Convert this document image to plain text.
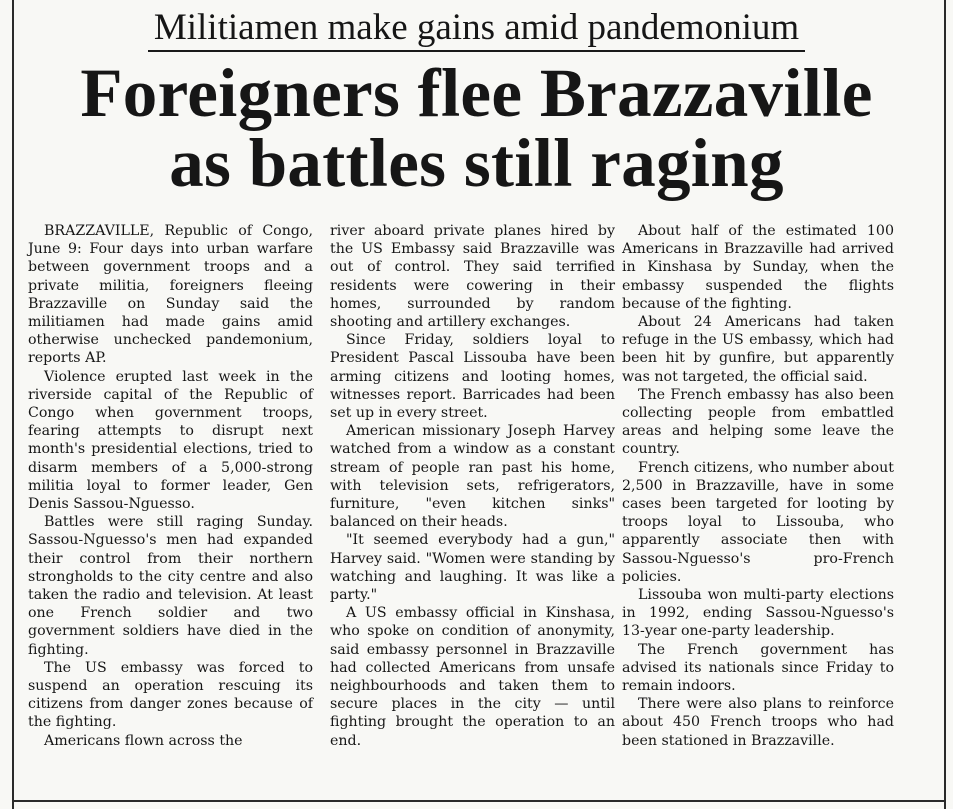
Militiamen make gains amid pandemonium
Foreigners flee Brazzaville
as battles still raging

BRAZZAVILLE, Republic of Congo, June 9: Four days into urban warfare between government troops and a private militia, foreigners fleeing Brazzaville on Sunday said the militiamen had made gains amid otherwise unchecked pandemonium, reports AP.

Violence erupted last week in the riverside capital of the Republic of Congo when government troops, fearing attempts to disrupt next month's presidential elections, tried to disarm members of a 5,000-strong militia loyal to former leader, Gen Denis Sassou-Nguesso.

Battles were still raging Sunday. Sassou-Nguesso's men had expanded their control from their northern strongholds to the city centre and also taken the radio and television. At least one French soldier and two government soldiers have died in the fighting.

The US embassy was forced to suspend an operation rescuing its citizens from danger zones because of the fighting.

Americans flown across the

river aboard private planes hired by the US Embassy said Brazzaville was out of control. They said terrified residents were cowering in their homes, surrounded by random shooting and artillery exchanges.

Since Friday, soldiers loyal to President Pascal Lissouba have been arming citizens and looting homes, witnesses report. Barricades had been set up in every street.

American missionary Joseph Harvey watched from a window as a constant stream of people ran past his home, with television sets, refrigerators, furniture, "even kitchen sinks" balanced on their heads.

"It seemed everybody had a gun," Harvey said. "Women were standing by watching and laughing. It was like a party."

A US embassy official in Kinshasa, who spoke on condition of anonymity, said embassy personnel in Brazzaville had collected Americans from unsafe neighbourhoods and taken them to secure places in the city — until fighting brought the operation to an end.

About half of the estimated 100 Americans in Brazzaville had arrived in Kinshasa by Sunday, when the embassy suspended the flights because of the fighting.

About 24 Americans had taken refuge in the US embassy, which had been hit by gunfire, but apparently was not targeted, the official said.

The French embassy has also been collecting people from embattled areas and helping some leave the country.

French citizens, who number about 2,500 in Brazzaville, have in some cases been targeted for looting by troops loyal to Lissouba, who apparently associate then with Sassou-Nguesso's pro-French policies.

Lissouba won multi-party elections in 1992, ending Sassou-Nguesso's 13-year one-party leadership.

The French government has advised its nationals since Friday to remain indoors.

There were also plans to reinforce about 450 French troops who had been stationed in Brazzaville.
